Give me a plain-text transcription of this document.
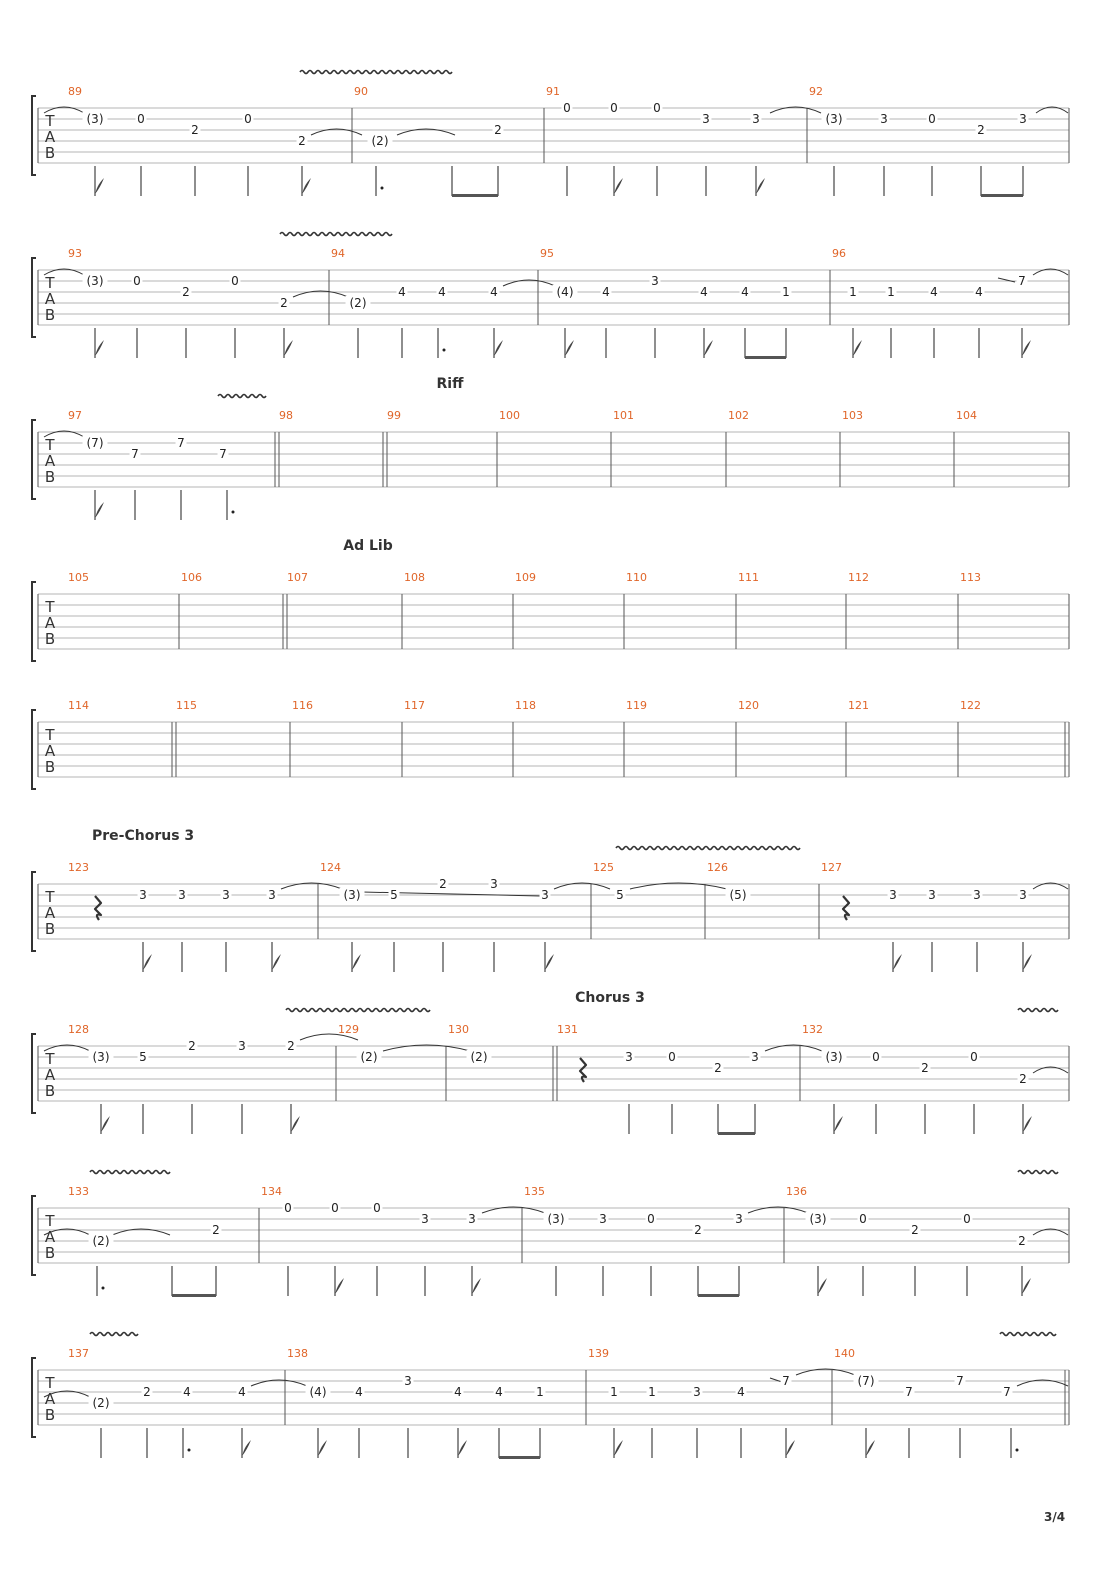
T
A
B
89	90	91	92
(3)	0
2
0
2	(2)
2
0	0	0
3	3	(3)	3	0
2
3
T
A
B
93	94	95	96
(3) 0
2
0
2	(2)
4	4	4	(4) 4
3
4	4	1	1	1	4	4
7
T
A
B
97	98	99	100	101	102	103	104
Riff
(7)
7
7
7
T
A
B
105	106	107	108	109	110	111	112	113
Ad Lib
T
A
B
114	115	116	117	118	119	120	121	122
T
A
B
123	124	125	126	127
Pre-Chorus 3
3	3	3	3	(3) 5
2	3
3	5	(5)	3	3	3	3
T
A
B
128	129	130	131	132
Chorus 3
(3) 5
2	3	2
(2)	(2)	3	0
2
3	(3) 0
2
0
2
T
A
B
133	134	135	136
(2)
2
0	0	0
3	3	(3)	3	0
2
3	(3)	0
2
0
2
T
A
B
137	138	139	140
(2)
2	4	4	(4) 4
3
4	4	1	1	1	3	4
7	(7)
7
7
7
3/4
